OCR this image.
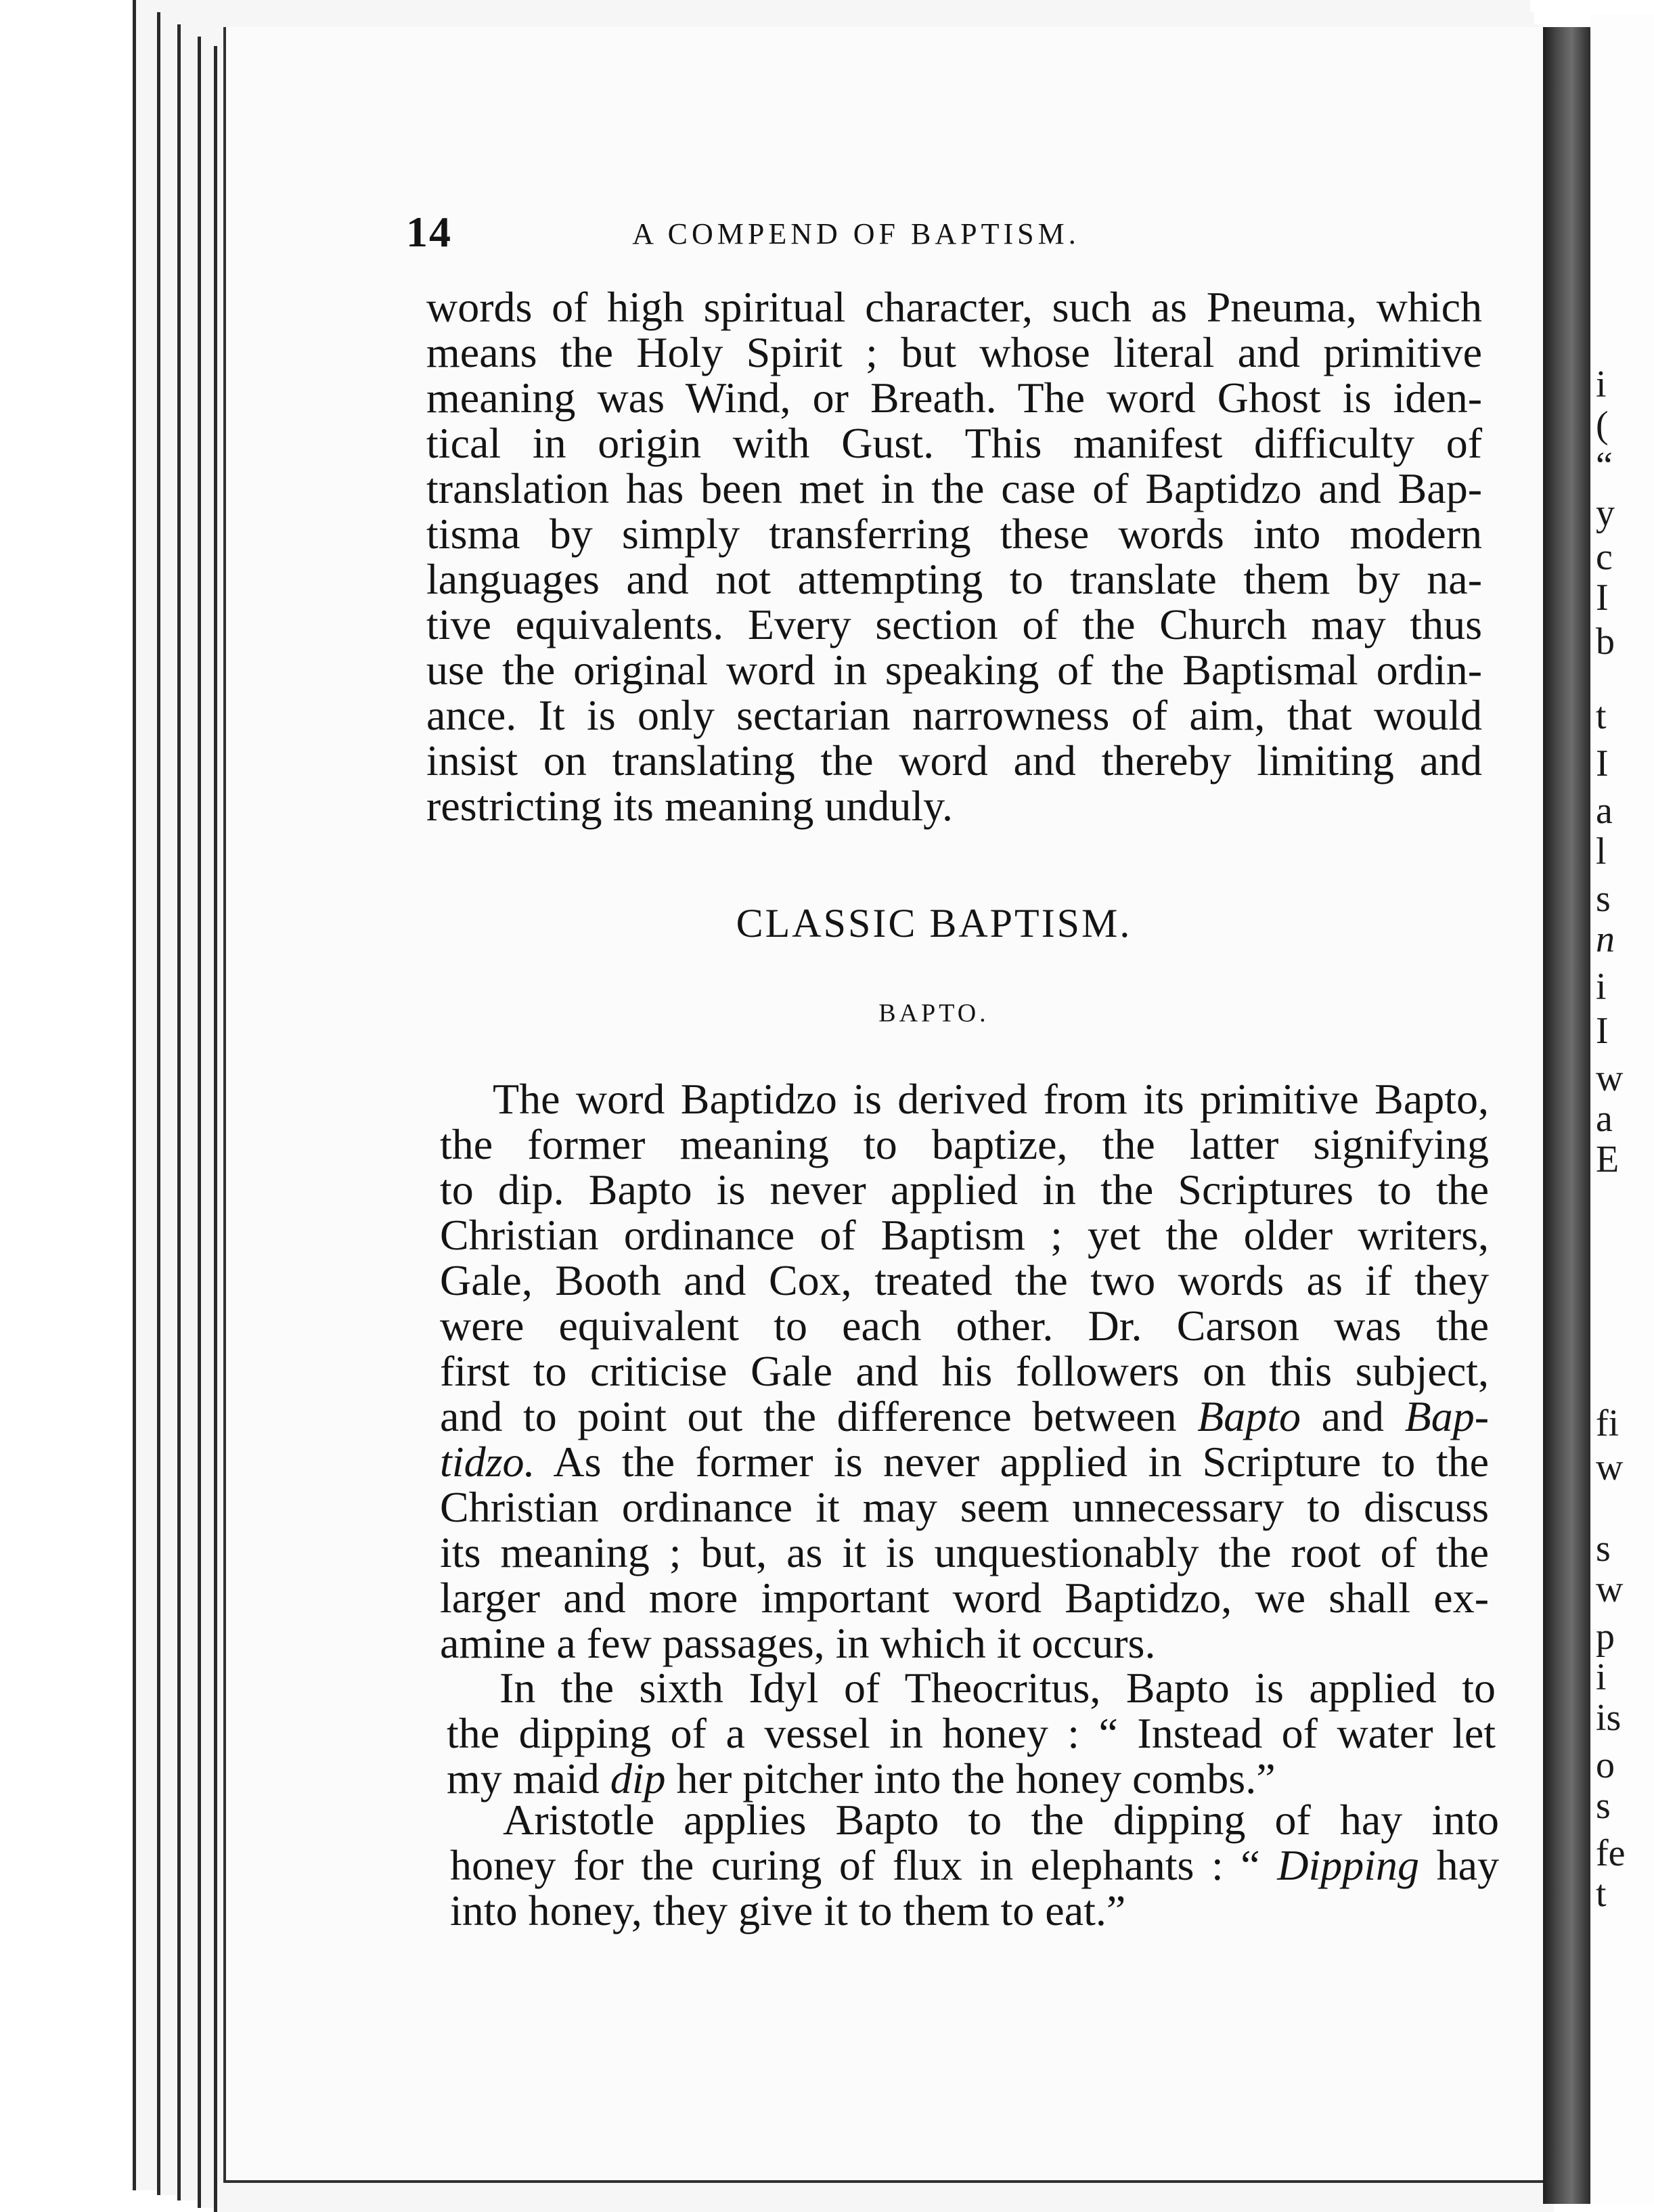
14	A COMPEND OF BAPTISM.
words of high spiritual character, such as Pneuma, which
means the Holy Spirit ; but whose literal and primitive
meaning was Wind, or Breath. The word Ghost is iden-
tical in origin with Gust. This manifest difficulty of
translation has been met in the case of Baptidzo and Bap-
tisma by simply transferring these words into modern
languages and not attempting to translate them by na-
tive equivalents. Every section of the Church may thus
use the original word in speaking of the Baptismal ordin-
ance. It is only sectarian narrowness of aim, that would
insist on translating the word and thereby limiting and
restricting its meaning unduly.
CLASSIC BAPTISM.
BAPTO.
The word Baptidzo is derived from its primitive Bapto,
the former meaning to baptize, the latter signifying
to dip. Bapto is never applied in the Scriptures to the
Christian ordinance of Baptism ; yet the older writers,
Gale, Booth and Cox, treated the two words as if they
were equivalent to each other. Dr. Carson was the
first to criticise Gale and his followers on this subject,
and to point out the difference between Bapto and Bap-
tidzo. As the former is never applied in Scripture to the
Christian ordinance it may seem unnecessary to discuss
its meaning ; but, as it is unquestionably the root of the
larger and more important word Baptidzo, we shall ex-
amine a few passages, in which it occurs.
In the sixth Idyl of Theocritus, Bapto is applied to
the dipping of a vessel in honey : “ Instead of water let
my maid dip her pitcher into the honey combs.”
Aristotle applies Bapto to the dipping of hay into
honey for the curing of flux in elephants : “ Dipping hay
into honey, they give it to them to eat.”
i
(
“
y
c
I
b
t
I
a
l
s
n
i
I
w
a
E
fi
w
s
w
p
i
is
o
s
fe
t
